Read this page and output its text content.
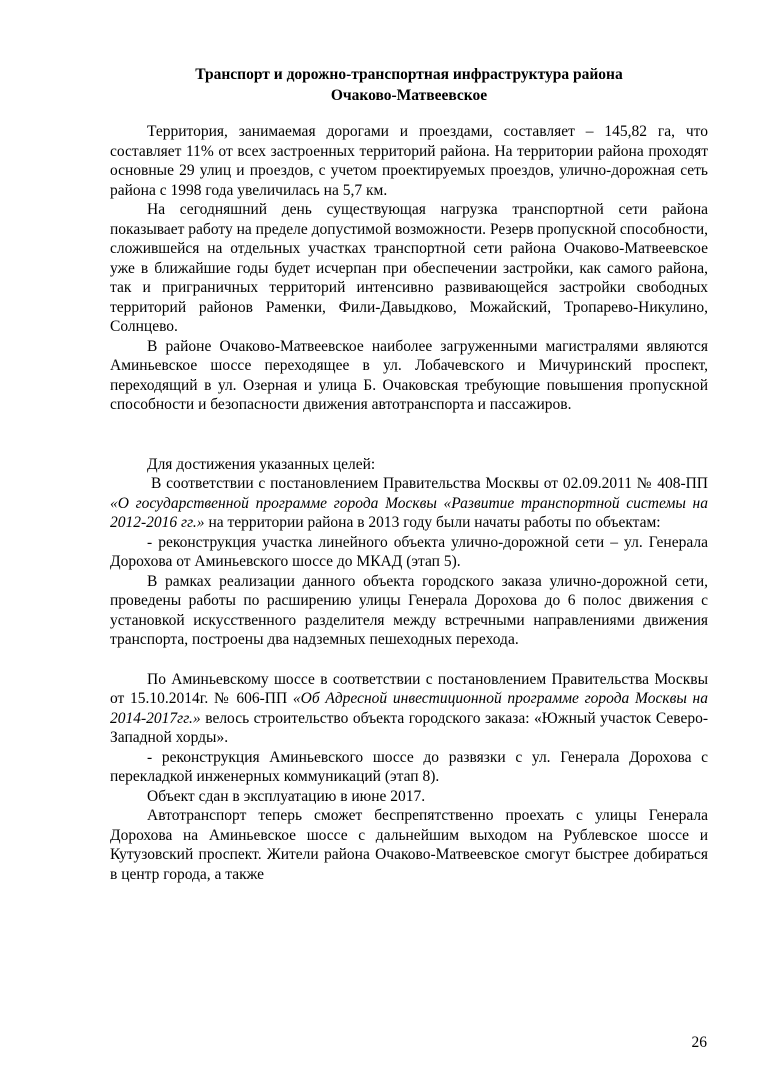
Транспорт и дорожно-транспортная инфраструктура района
Очаково-Матвеевское

Территория, занимаемая дорогами и проездами, составляет – 145,82 га, что составляет 11% от всех застроенных территорий района. На территории района проходят основные 29 улиц и проездов, с учетом проектируемых проездов, улично-дорожная сеть района с 1998 года увеличилась на 5,7 км.

На сегодняшний день существующая нагрузка транспортной сети района показывает работу на пределе допустимой возможности. Резерв пропускной способности, сложившейся на отдельных участках транспортной сети района Очаково-Матвеевское уже в ближайшие годы будет исчерпан при обеспечении застройки, как самого района, так и приграничных территорий интенсивно развивающейся застройки свободных территорий районов Раменки, Фили-Давыдково, Можайский, Тропарево-Никулино, Солнцево.

В районе Очаково-Матвеевское наиболее загруженными магистралями являются Аминьевское шоссе переходящее в ул. Лобачевского и Мичуринский проспект, переходящий в ул. Озерная и улица Б. Очаковская требующие повышения пропускной способности и безопасности движения автотранспорта и пассажиров.

Для достижения указанных целей:

В соответствии с постановлением Правительства Москвы от 02.09.2011 № 408-ПП «О государственной программе города Москвы «Развитие транспортной системы на 2012-2016 гг.» на территории района в 2013 году были начаты работы по объектам:

- реконструкция участка линейного объекта улично-дорожной сети – ул. Генерала Дорохова от Аминьевского шоссе до МКАД (этап 5).

В рамках реализации данного объекта городского заказа улично-дорожной сети, проведены работы по расширению улицы Генерала Дорохова до 6 полос движения с установкой искусственного разделителя между встречными направлениями движения транспорта, построены два надземных пешеходных перехода.

По Аминьевскому шоссе в соответствии с постановлением Правительства Москвы от 15.10.2014г. № 606-ПП «Об Адресной инвестиционной программе города Москвы на 2014-2017гг.» велось строительство объекта городского заказа: «Южный участок Северо-Западной хорды».

- реконструкция Аминьевского шоссе до развязки с ул. Генерала Дорохова с перекладкой инженерных коммуникаций (этап 8).

Объект сдан в эксплуатацию в июне 2017.

Автотранспорт теперь сможет беспрепятственно проехать с улицы Генерала Дорохова на Аминьевское шоссе с дальнейшим выходом на Рублевское шоссе и Кутузовский проспект. Жители района Очаково-Матвеевское смогут быстрее добираться в центр города, а также

26
